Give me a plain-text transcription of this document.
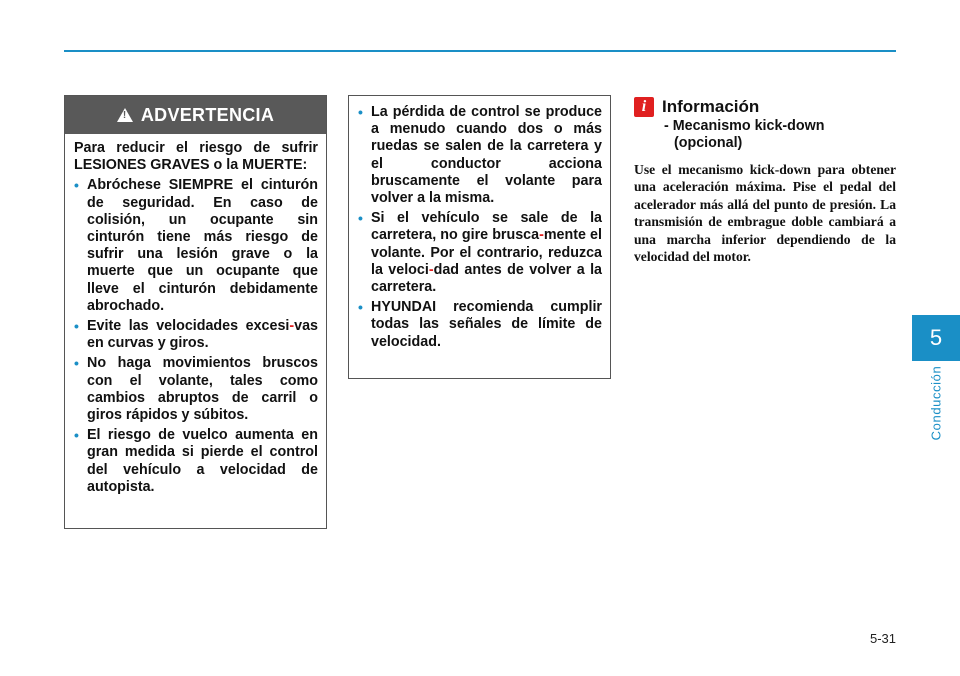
! ADVERTENCIA
Para reducir el riesgo de sufrir LESIONES GRAVES o la MUERTE:
• Abróchese SIEMPRE el cinturón de seguridad. En caso de colisión, un ocupante sin cinturón tiene más riesgo de sufrir una lesión grave o la muerte que un ocupante que lleve el cinturón debidamente abrochado.
• Evite las velocidades excesi-vas en curvas y giros.
• No haga movimientos bruscos con el volante, tales como cambios abruptos de carril o giros rápidos y súbitos.
• El riesgo de vuelco aumenta en gran medida si pierde el control del vehículo a velocidad de autopista.
• La pérdida de control se produce a menudo cuando dos o más ruedas se salen de la carretera y el conductor acciona bruscamente el volante para volver a la misma.
• Si el vehículo se sale de la carretera, no gire brusca-mente el volante. Por el contrario, reduzca la veloci-dad antes de volver a la carretera.
• HYUNDAI recomienda cumplir todas las señales de límite de velocidad.
i Información
- Mecanismo kick-down
(opcional)
Use el mecanismo kick-down para obtener una aceleración máxima. Pise el pedal del acelerador más allá del punto de presión. La transmisión de embrague doble cambiará a una marcha inferior dependiendo de la velocidad del motor.
5
Conducción
5-31
